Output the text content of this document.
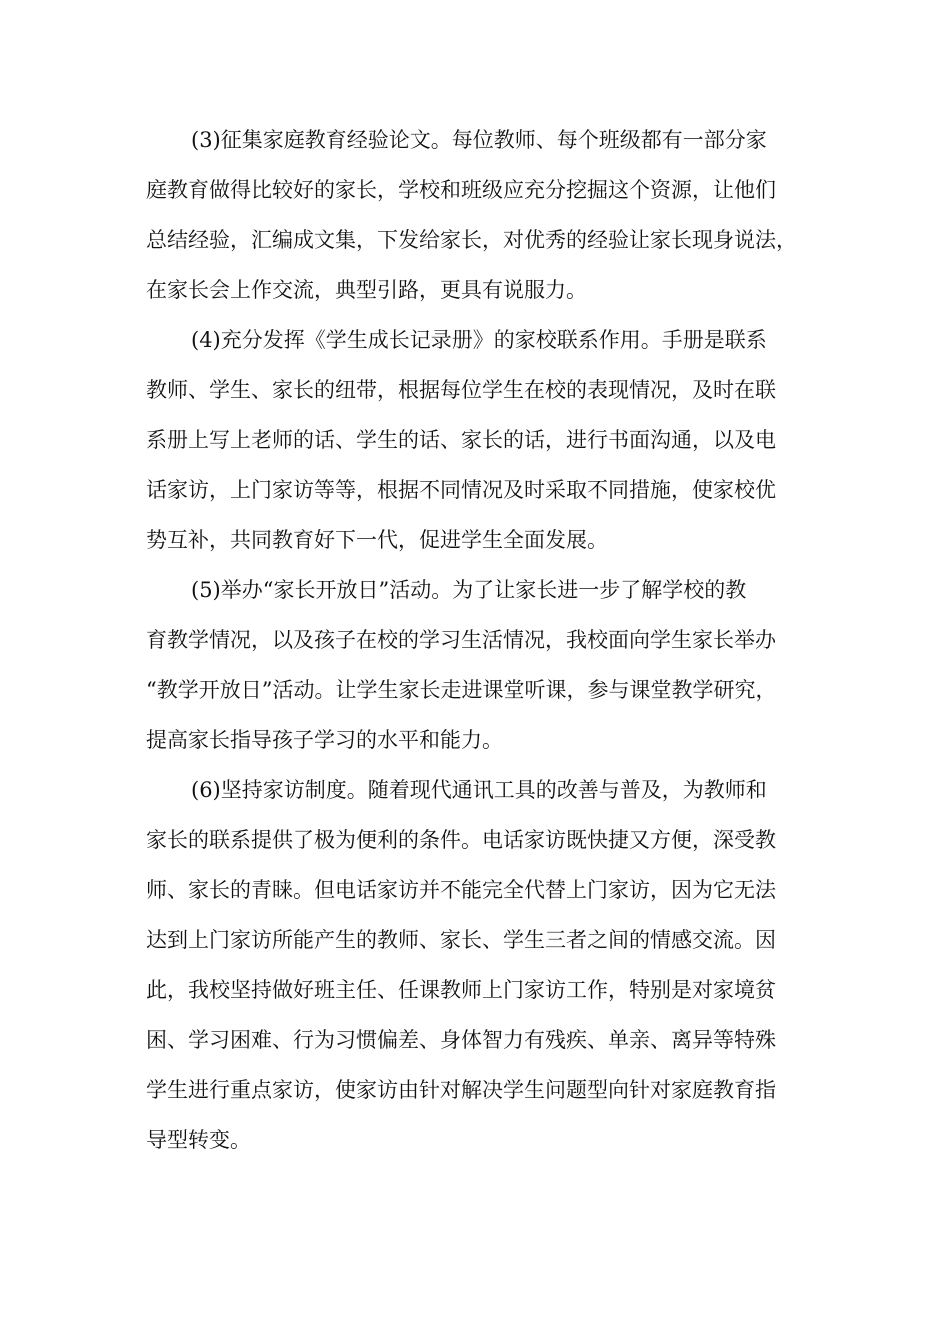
(3)征集家庭教育经验论文。每位教师、每个班级都有一部分家
庭教育做得比较好的家长，学校和班级应充分挖掘这个资源，让他们
总结经验，汇编成文集，下发给家长，对优秀的经验让家长现身说法，
在家长会上作交流，典型引路，更具有说服力。
(4)充分发挥《学生成长记录册》的家校联系作用。手册是联系
教师、学生、家长的纽带，根据每位学生在校的表现情况，及时在联
系册上写上老师的话、学生的话、家长的话，进行书面沟通，以及电
话家访，上门家访等等，根据不同情况及时采取不同措施，使家校优
势互补，共同教育好下一代，促进学生全面发展。
(5)举办“家长开放日”活动。为了让家长进一步了解学校的教
育教学情况，以及孩子在校的学习生活情况，我校面向学生家长举办
“教学开放日”活动。让学生家长走进课堂听课，参与课堂教学研究，
提高家长指导孩子学习的水平和能力。
(6)坚持家访制度。随着现代通讯工具的改善与普及，为教师和
家长的联系提供了极为便利的条件。电话家访既快捷又方便，深受教
师、家长的青睐。但电话家访并不能完全代替上门家访，因为它无法
达到上门家访所能产生的教师、家长、学生三者之间的情感交流。因
此，我校坚持做好班主任、任课教师上门家访工作，特别是对家境贫
困、学习困难、行为习惯偏差、身体智力有残疾、单亲、离异等特殊
学生进行重点家访，使家访由针对解决学生问题型向针对家庭教育指
导型转变。
